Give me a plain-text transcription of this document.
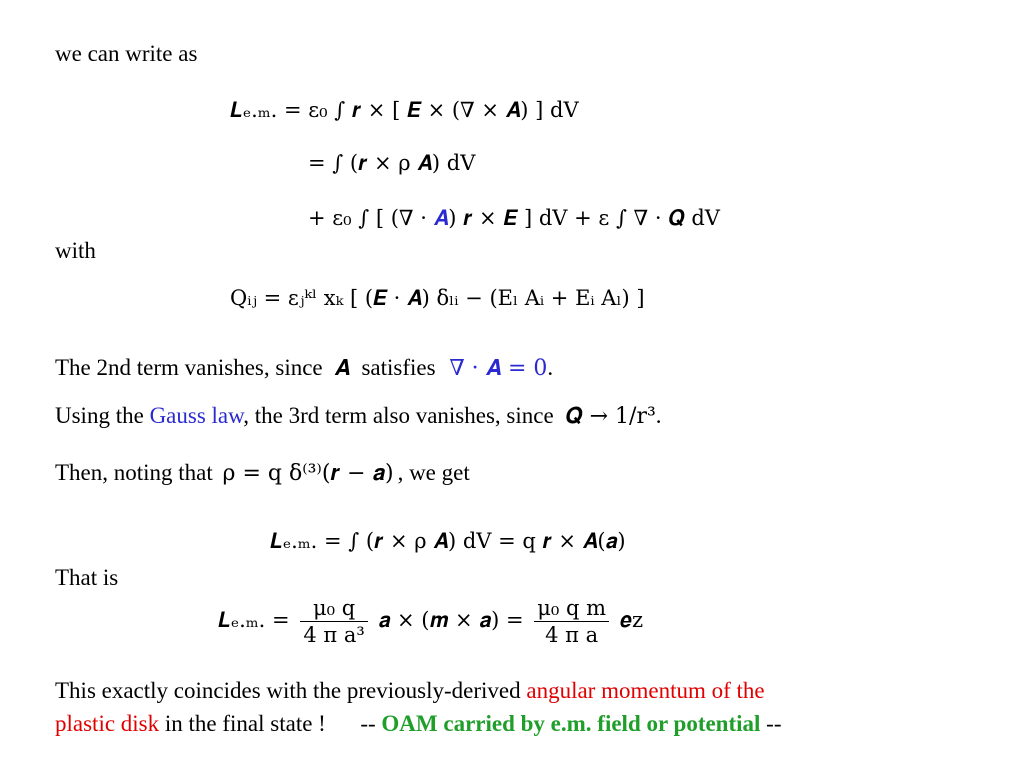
we can write as
𝑳ₑ.ₘ. = ε₀ ∫ 𝒓 × [ 𝑬 × (∇ × 𝑨) ] dV
= ∫ (𝒓 × ρ 𝑨) dV
+ ε₀ ∫ [ (∇ · 𝑨) 𝒓 × 𝑬 ] dV + ε ∫ ∇ · 𝑸 dV
with
Qᵢⱼ = εⱼᵏˡ xₖ [ (𝑬 · 𝑨) δₗᵢ − (Eₗ Aᵢ + Eᵢ Aₗ) ]
The 2nd term vanishes, since 𝑨 satisfies ∇ · 𝑨 = 0.
Using the Gauss law, the 3rd term also vanishes, since 𝑸 → 1/r³.
Then, noting that ρ = q δ⁽³⁾(𝒓 − 𝒂) , we get
𝑳ₑ.ₘ. = ∫ (𝒓 × ρ 𝑨) dV = q 𝒓 × 𝑨(𝒂)
That is
𝑳ₑ.ₘ. = $\frac{\text{μ₀ q}}{\text{4 π a³}}$ 𝒂 × (𝒎 × 𝒂) = $\frac{\text{μ₀ q m}}{\text{4 π a}}$ 𝒆z
This exactly coincides with the previously-derived angular momentum of the
plastic disk in the final state !      -- OAM carried by e.m. field or potential --
